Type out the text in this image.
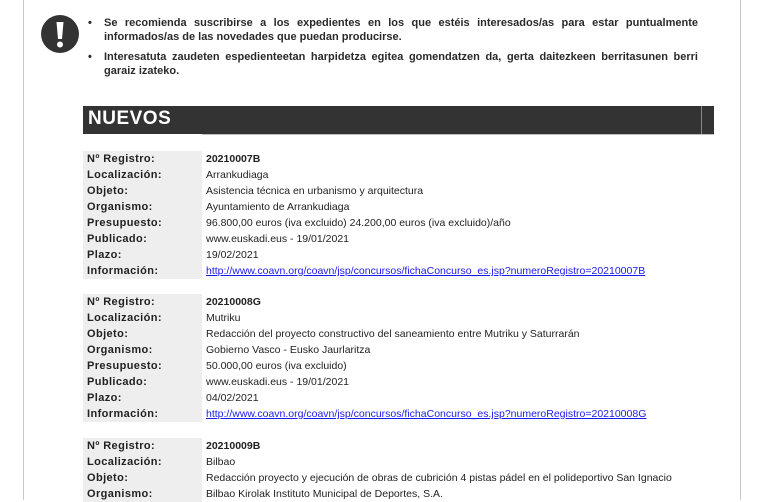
• Se recomienda suscribirse a los expedientes en los que estéis interesados/as para estar puntualmente informados/as de las novedades que puedan producirse.
• Interesatuta zaudeten espedienteetan harpidetza egitea gomendatzen da, gerta daitezkeen berritasunen berri garaiz izateko.
NUEVOS
Nº Registro:	20210007B
Localización:	Arrankudiaga
Objeto:	Asistencia técnica en urbanismo y arquitectura
Organismo:	Ayuntamiento de Arrankudiaga
Presupuesto:	96.800,00 euros (iva excluido) 24.200,00 euros (iva excluido)/año
Publicado:	www.euskadi.eus - 19/01/2021
Plazo:	19/02/2021
Información:	http://www.coavn.org/coavn/jsp/concursos/fichaConcurso_es.jsp?numeroRegistro=20210007B
Nº Registro:	20210008G
Localización:	Mutriku
Objeto:	Redacción del proyecto constructivo del saneamiento entre Mutriku y Saturrarán
Organismo:	Gobierno Vasco - Eusko Jaurlaritza
Presupuesto:	50.000,00 euros (iva excluido)
Publicado:	www.euskadi.eus - 19/01/2021
Plazo:	04/02/2021
Información:	http://www.coavn.org/coavn/jsp/concursos/fichaConcurso_es.jsp?numeroRegistro=20210008G
Nº Registro:	20210009B
Localización:	Bilbao
Objeto:	Redacción proyecto y ejecución de obras de cubrición 4 pistas pádel en el polideportivo San Ignacio
Organismo:	Bilbao Kirolak Instituto Municipal de Deportes, S.A.
